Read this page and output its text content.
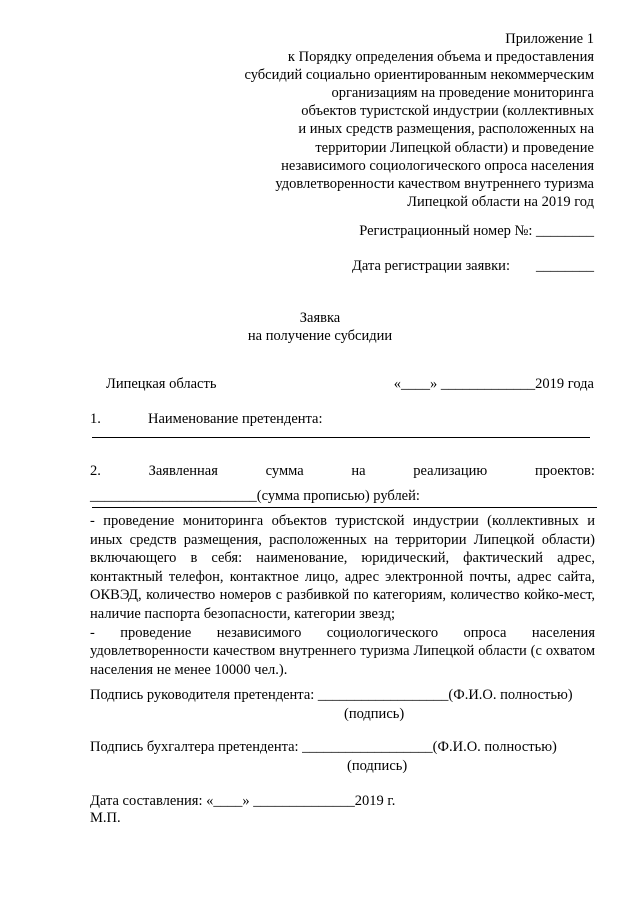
Приложение 1
к Порядку определения объема и предоставления
субсидий социально ориентированным некоммерческим
организациям на проведение мониторинга
объектов туристской индустрии (коллективных
и иных средств размещения, расположенных на
территории Липецкой области) и проведение
независимого социологического опроса населения
удовлетворенности качеством внутреннего туризма
Липецкой области на 2019 год
Регистрационный номер №: ________
Дата регистрации заявки: ________
Заявка
на получение субсидии
Липецкая область	«____» _____________2019 года
1.	Наименование претендента:
2.	Заявленная	сумма	на	реализацию	проектов:
_______________________(сумма прописью) рублей:

- проведение мониторинга объектов туристской индустрии (коллективных и иных средств размещения, расположенных на территории Липецкой области) включающего в себя: наименование, юридический, фактический адрес, контактный телефон, контактное лицо, адрес электронной почты, адрес сайта, ОКВЭД, количество номеров с разбивкой по категориям, количество койко-мест, наличие паспорта безопасности, категории звезд;

- проведение независимого социологического опроса населения удовлетворенности качеством внутреннего туризма Липецкой области (с охватом населения не менее 10000 чел.).

Подпись руководителя претендента: __________________(Ф.И.О. полностью)
(подпись)
Подпись бухгалтера претендента: __________________(Ф.И.О. полностью)
(подпись)
Дата составления: «____» ______________2019 г.
М.П.
